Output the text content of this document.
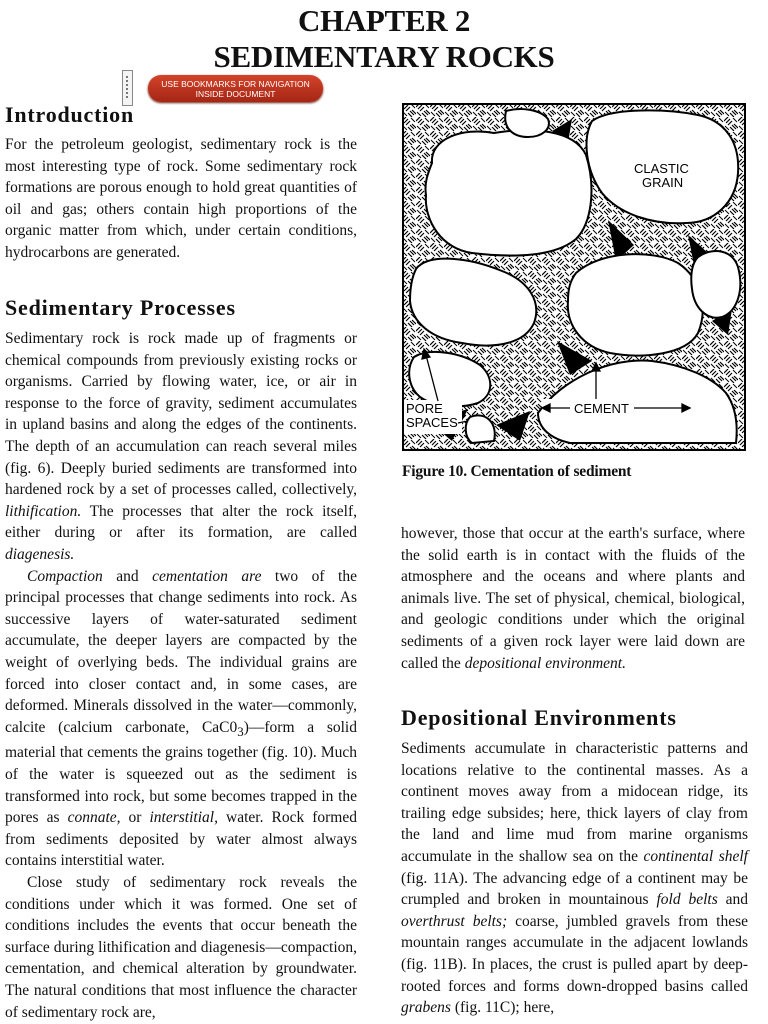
CHAPTER 2
SEDIMENTARY ROCKS
USE BOOKMARKS FOR NAVIGATION
INSIDE DOCUMENT
Introduction

For the petroleum geologist, sedimentary rock is the most interesting type of rock. Some sedimentary rock formations are porous enough to hold great quantities of oil and gas; others contain high proportions of the organic matter from which, under certain conditions, hydrocarbons are generated.

Sedimentary Processes

Sedimentary rock is rock made up of fragments or chemical compounds from previously existing rocks or organisms. Carried by flowing water, ice, or air in response to the force of gravity, sediment accumulates in upland basins and along the edges of the continents. The depth of an accumulation can reach several miles (fig. 6). Deeply buried sediments are transformed into hardened rock by a set of processes called, collectively, lithification. The processes that alter the rock itself, either during or after its formation, are called diagenesis.

Compaction and cementation are two of the principal processes that change sediments into rock. As successive layers of water-saturated sediment accumulate, the deeper layers are compacted by the weight of overlying beds. The individual grains are forced into closer contact and, in some cases, are deformed. Minerals dissolved in the water—commonly, calcite (calcium carbonate, $CaC0_3)—form$ a solid material that cements the grains together (fig. 10). Much of the water is squeezed out as the sediment is transformed into rock, but some becomes trapped in the pores as connate, or interstitial, water. Rock formed from sediments deposited by water almost always contains interstitial water.

Close study of sedimentary rock reveals the conditions under which it was formed. One set of conditions includes the events that occur beneath the surface during lithification and diagenesis—compaction, cementation, and chemical alteration by groundwater. The natural conditions that most influence the character of sedimentary rock are,

CLASTIC
GRAIN
PORE
SPACES
CEMENT
Figure 10. Cementation of sediment

however, those that occur at the earth's surface, where the solid earth is in contact with the fluids of the atmosphere and the oceans and where plants and animals live. The set of physical, chemical, biological, and geologic conditions under which the original sediments of a given rock layer were laid down are called the depositional environment.

Depositional Environments

Sediments accumulate in characteristic patterns and locations relative to the continental masses. As a continent moves away from a midocean ridge, its trailing edge subsides; here, thick layers of clay from the land and lime mud from marine organisms accumulate in the shallow sea on the continental shelf (fig. 11A). The advancing edge of a continent may be crumpled and broken in mountainous fold belts and overthrust belts; coarse, jumbled gravels from these mountain ranges accumulate in the adjacent lowlands (fig. 11B). In places, the crust is pulled apart by deep-rooted forces and forms down-dropped basins called grabens (fig. 11C); here,
